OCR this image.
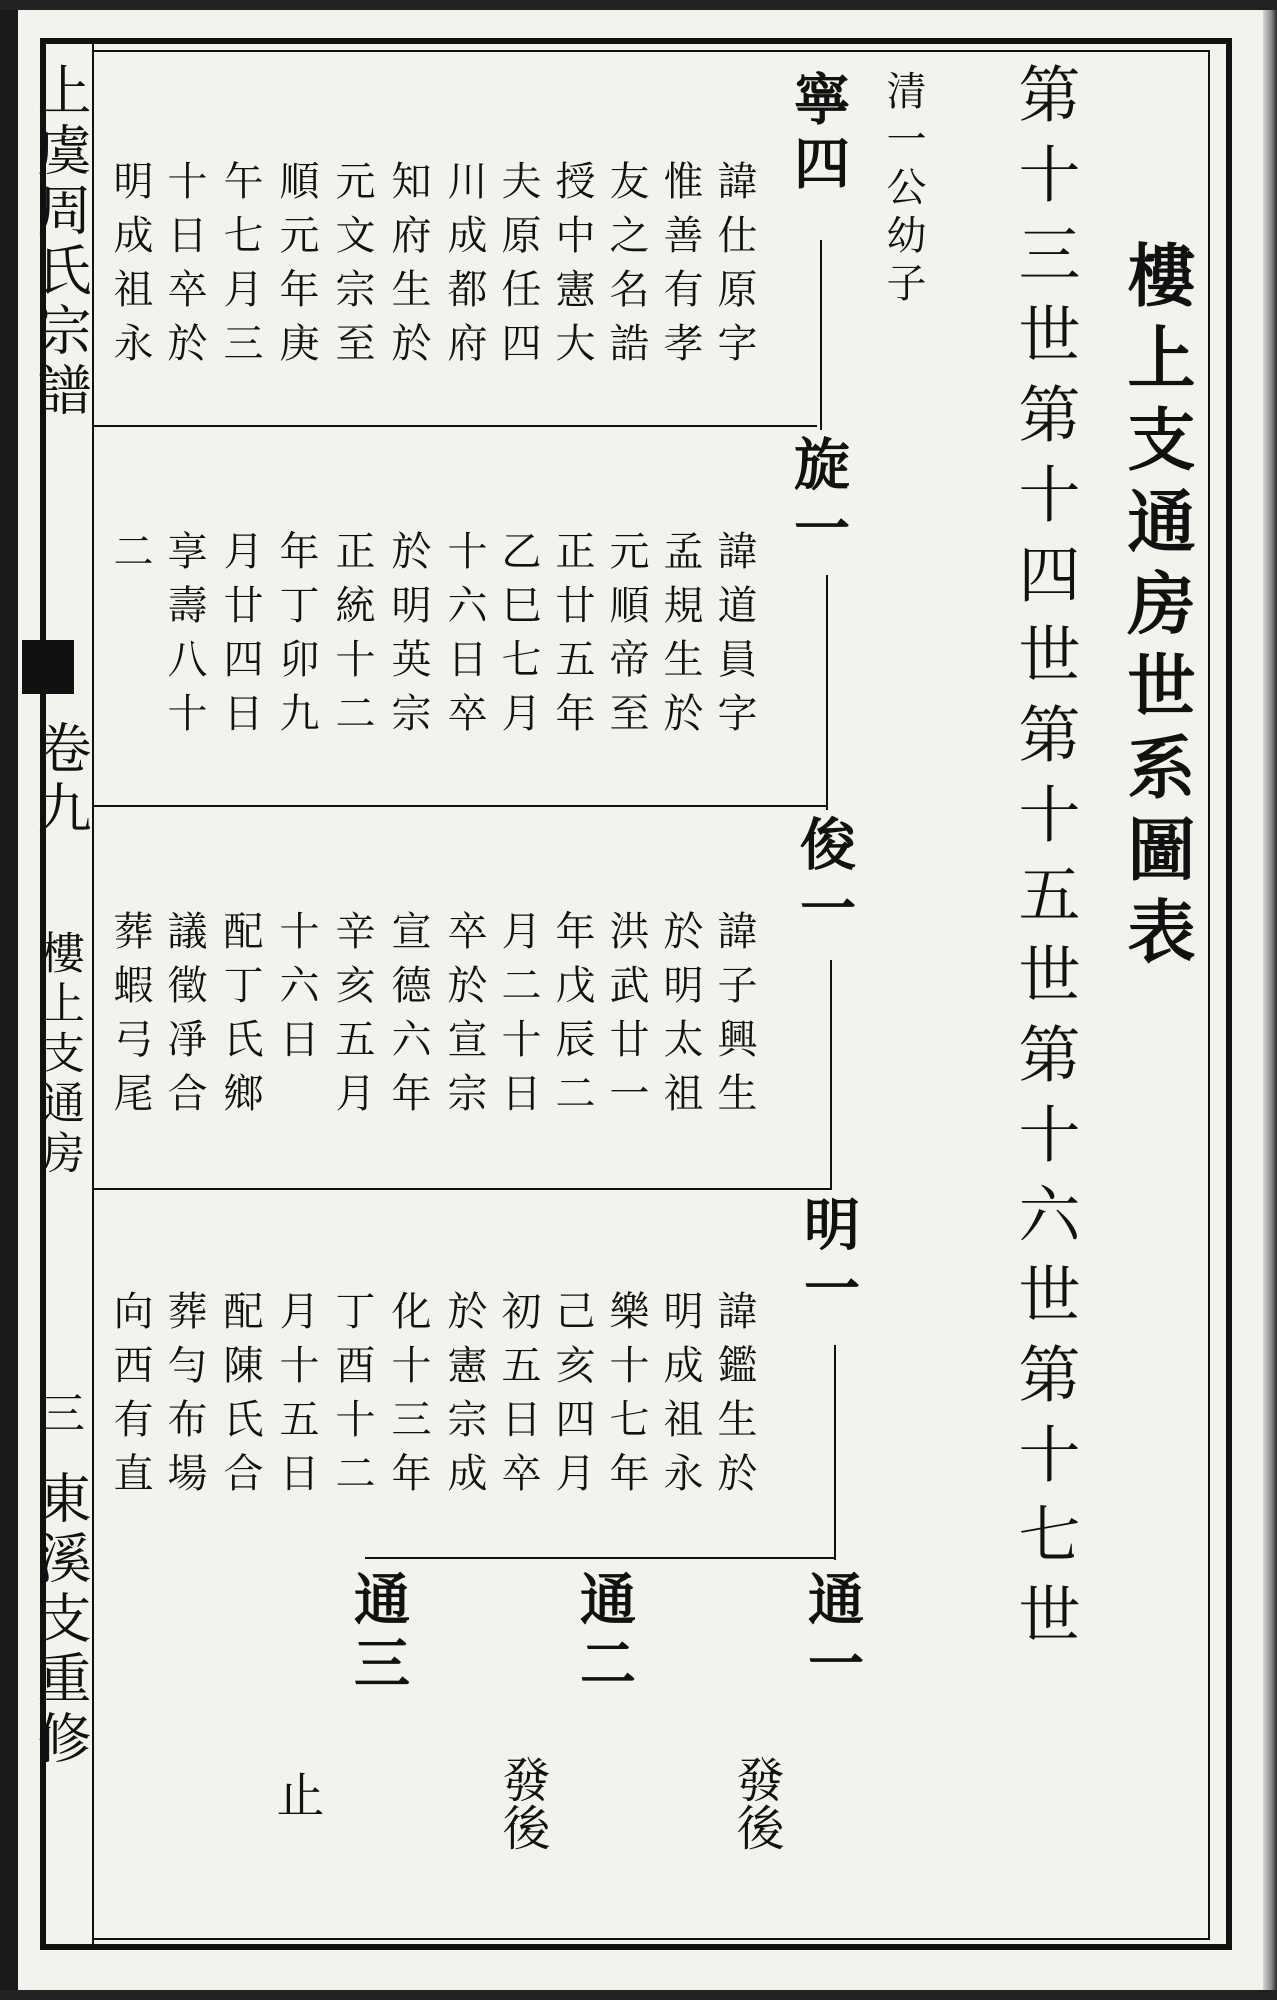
上虞周氏宗譜
卷九
樓上支通房
三
東溪支重修
樓上支通房世系圖表
第十三世第十四世第十五世第十六世第十七世
清一公幼子
寧四
諱仕原字
惟善有孝
友之名誥
授中憲大
夫原任四
川成都府
知府生於
元文宗至
順元年庚
午七月三
十日卒於
明成祖永
旋一
諱道員字
孟規生於
元順帝至
正廿五年
乙巳七月
十六日卒
於明英宗
正統十二
年丁卯九
月廿四日
享壽八十
二
俊一
諱子興生
於明太祖
洪武廿一
年戊辰二
月二十日
卒於宣宗
宣德六年
辛亥五月
十六日
配丁氏鄉
議徵凈合
葬蝦弓尾
明一
諱鑑生於
明成祖永
樂十七年
己亥四月
初五日卒
於憲宗成
化十三年
丁酉十二
月十五日
配陳氏合
葬勻布場
向西有直
通一
通二
通三
發後
發後
止
